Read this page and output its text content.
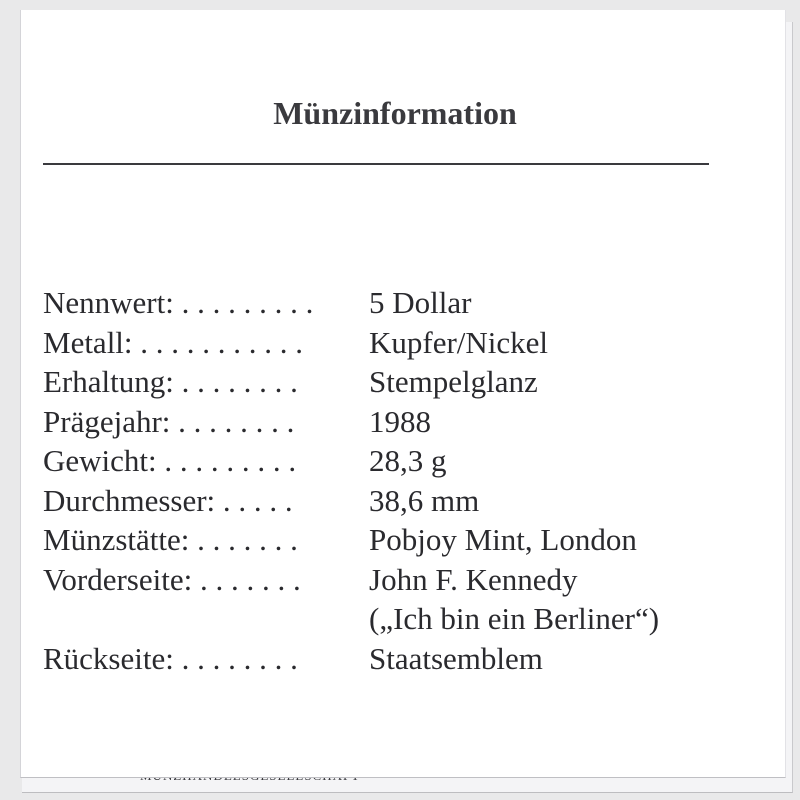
Münzinformation
Nennwert: . . . . . . . . .	5 Dollar
Metall: . . . . . . . . . . .	Kupfer/Nickel
Erhaltung: . . . . . . . .	Stempelglanz
Prägejahr: . . . . . . . .	1988
Gewicht: . . . . . . . . .	28,3 g
Durchmesser: . . . . .	38,6 mm
Münzstätte: . . . . . . .	Pobjoy Mint, London
Vorderseite: . . . . . . .	John F. Kennedy
(„Ich bin ein Berliner“)
Rückseite: . . . . . . . .	Staatsemblem
